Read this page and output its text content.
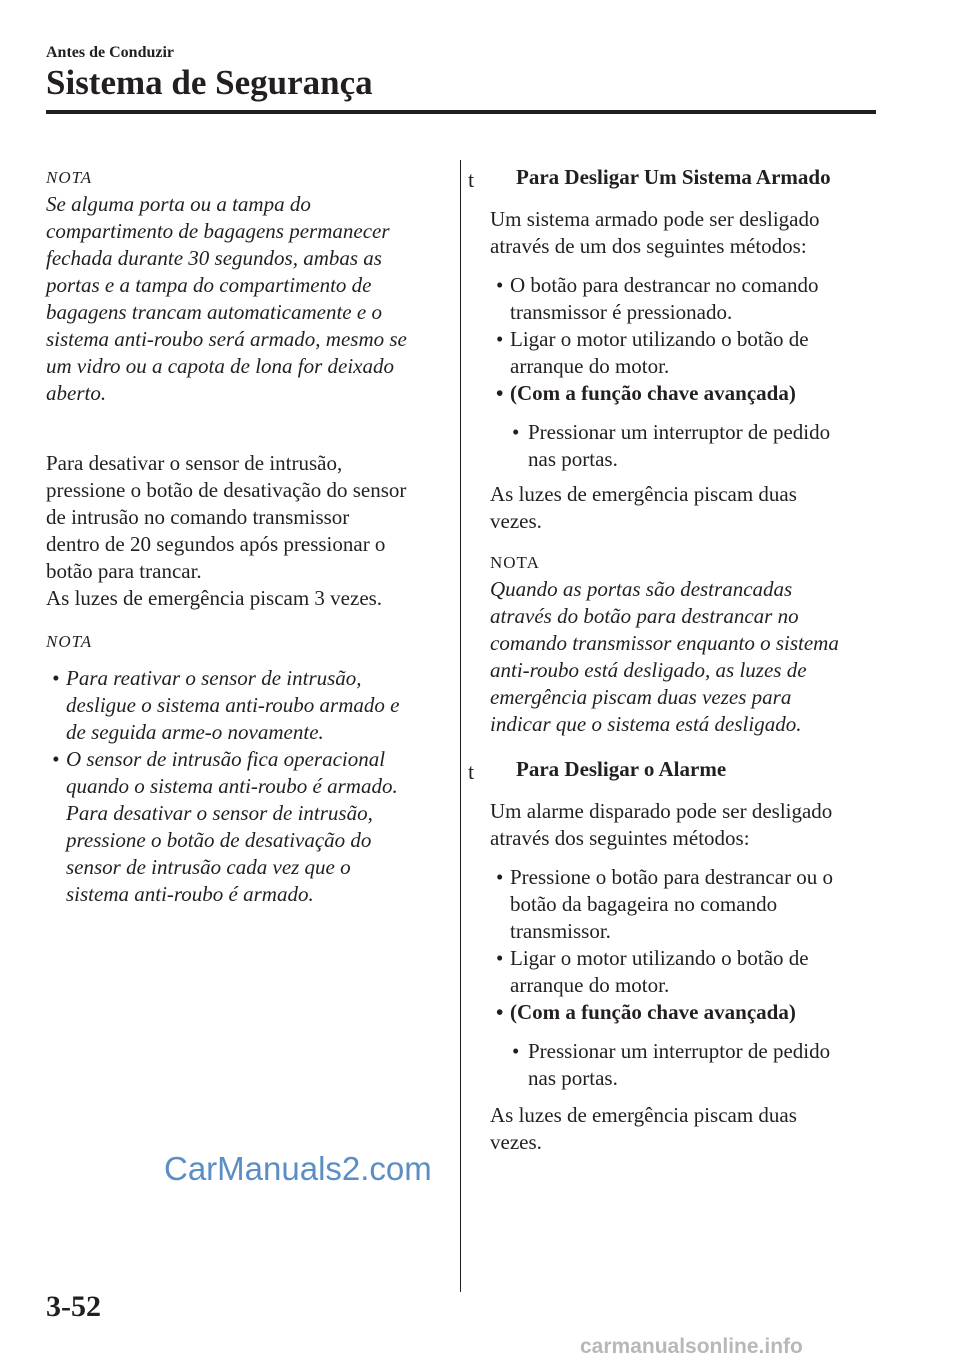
Antes de Conduzir
Sistema de Segurança

NOTA

Se alguma porta ou a tampa do
compartimento de bagagens permanecer
fechada durante 30 segundos, ambas as
portas e a tampa do compartimento de
bagagens trancam automaticamente e o
sistema anti-roubo será armado, mesmo se
um vidro ou a capota de lona for deixado
aberto.

Para desativar o sensor de intrusão,
pressione o botão de desativação do sensor
de intrusão no comando transmissor
dentro de 20 segundos após pressionar o
botão para trancar.
As luzes de emergência piscam 3 vezes.

NOTA

• Para reativar o sensor de intrusão,
desligue o sistema anti-roubo armado e
de seguida arme-o novamente.
• O sensor de intrusão fica operacional
quando o sistema anti-roubo é armado.
Para desativar o sensor de intrusão,
pressione o botão de desativação do
sensor de intrusão cada vez que o
sistema anti-roubo é armado.
t Para Desligar Um Sistema Armado

Um sistema armado pode ser desligado
através de um dos seguintes métodos:

• O botão para destrancar no comando
transmissor é pressionado.
• Ligar o motor utilizando o botão de
arranque do motor.
• (Com a função chave avançada)
• Pressionar um interruptor de pedido
nas portas.

As luzes de emergência piscam duas
vezes.

NOTA

Quando as portas são destrancadas
através do botão para destrancar no
comando transmissor enquanto o sistema
anti-roubo está desligado, as luzes de
emergência piscam duas vezes para
indicar que o sistema está desligado.

t Para Desligar o Alarme

Um alarme disparado pode ser desligado
através dos seguintes métodos:

• Pressione o botão para destrancar ou o
botão da bagageira no comando
transmissor.
• Ligar o motor utilizando o botão de
arranque do motor.
• (Com a função chave avançada)
• Pressionar um interruptor de pedido
nas portas.

As luzes de emergência piscam duas
vezes.

CarManuals2.com
3-52
carmanualsonline.info
